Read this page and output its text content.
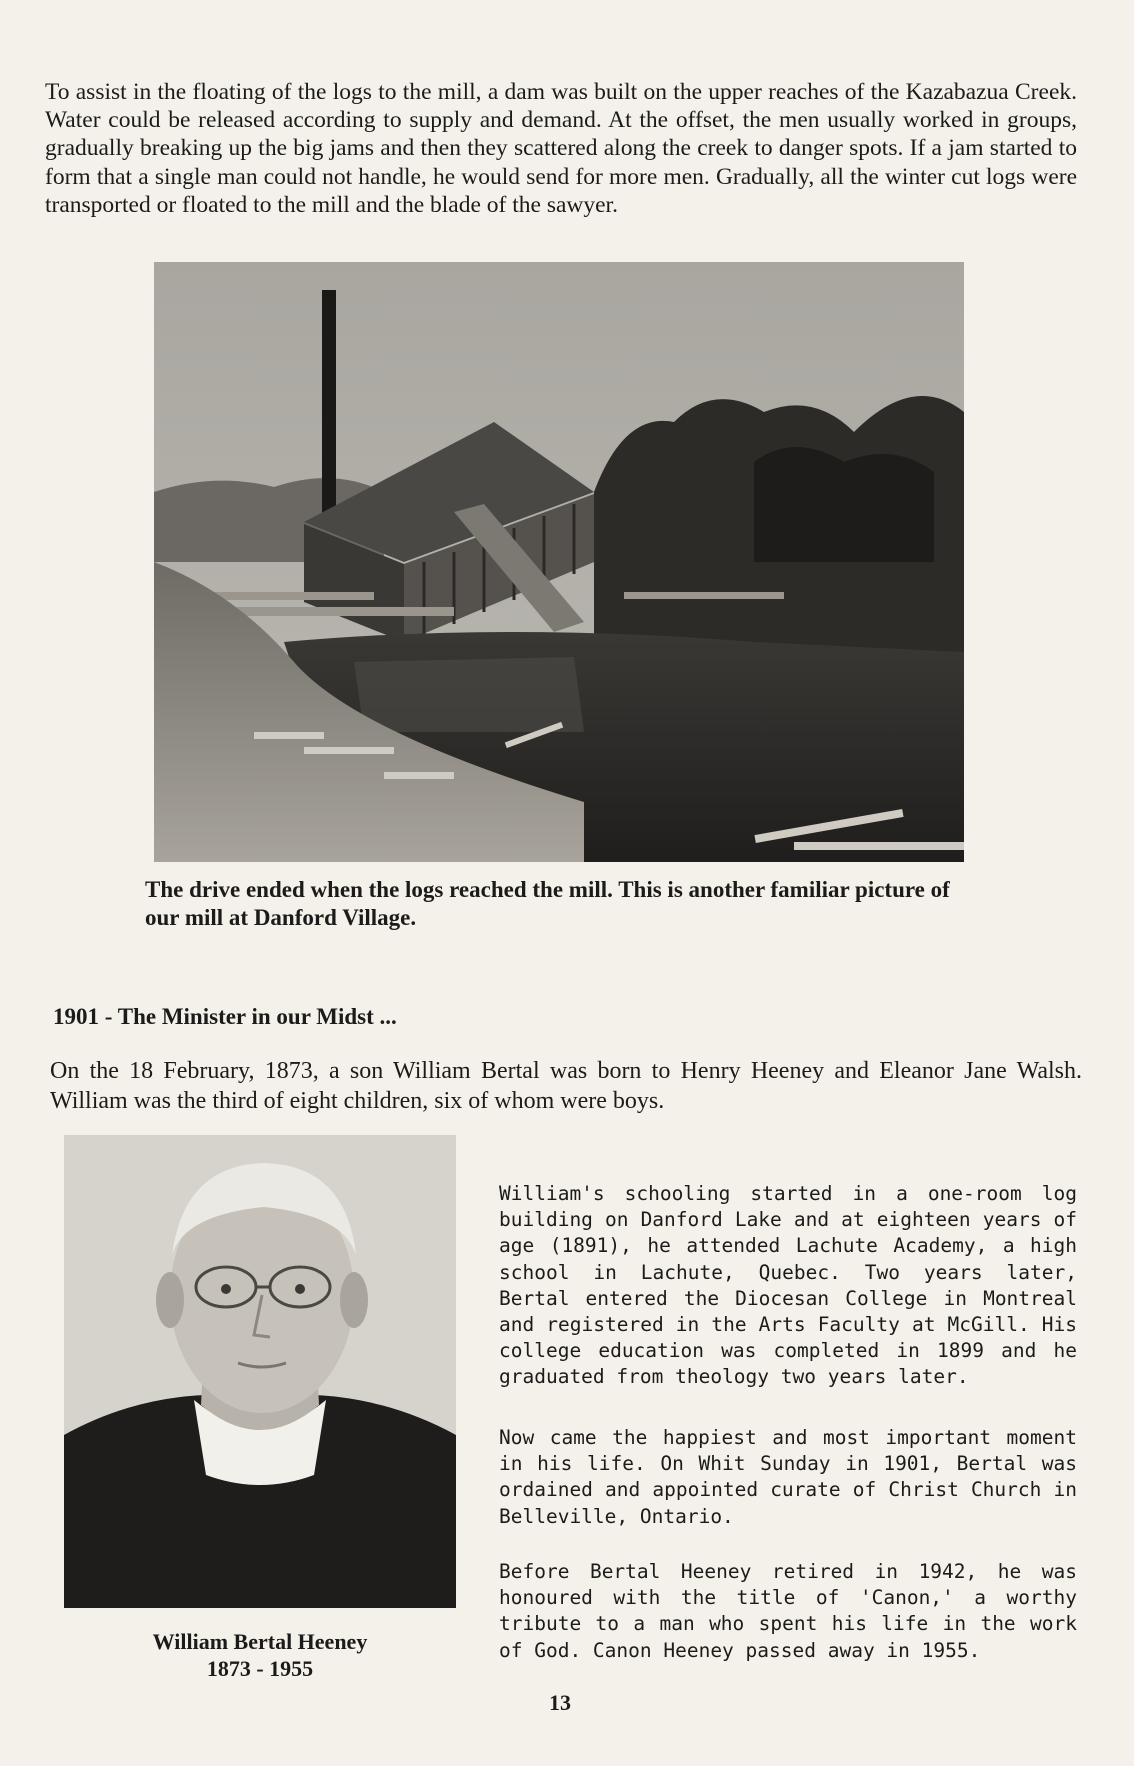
To assist in the floating of the logs to the mill, a dam was built on the upper reaches of the Kazabazua Creek. Water could be released according to supply and demand. At the offset, the men usually worked in groups, gradually breaking up the big jams and then they scattered along the creek to danger spots. If a jam started to form that a single man could not handle, he would send for more men. Gradually, all the winter cut logs were transported or floated to the mill and the blade of the sawyer.

The drive ended when the logs reached the mill. This is another familiar picture of our mill at Danford Village.

1901 - The Minister in our Midst ...

On the 18 February, 1873, a son William Bertal was born to Henry Heeney and Eleanor Jane Walsh. William was the third of eight children, six of whom were boys.

William Bertal Heeney
1873 - 1955

William's schooling started in a one-room log building on Danford Lake and at eighteen years of age (1891), he attended Lachute Academy, a high school in Lachute, Quebec. Two years later, Bertal entered the Diocesan College in Montreal and registered in the Arts Faculty at McGill. His college education was completed in 1899 and he graduated from theology two years later.

Now came the happiest and most important moment in his life. On Whit Sunday in 1901, Bertal was ordained and appointed curate of Christ Church in Belleville, Ontario.

Before Bertal Heeney retired in 1942, he was honoured with the title of 'Canon,' a worthy tribute to a man who spent his life in the work of God. Canon Heeney passed away in 1955.

13
